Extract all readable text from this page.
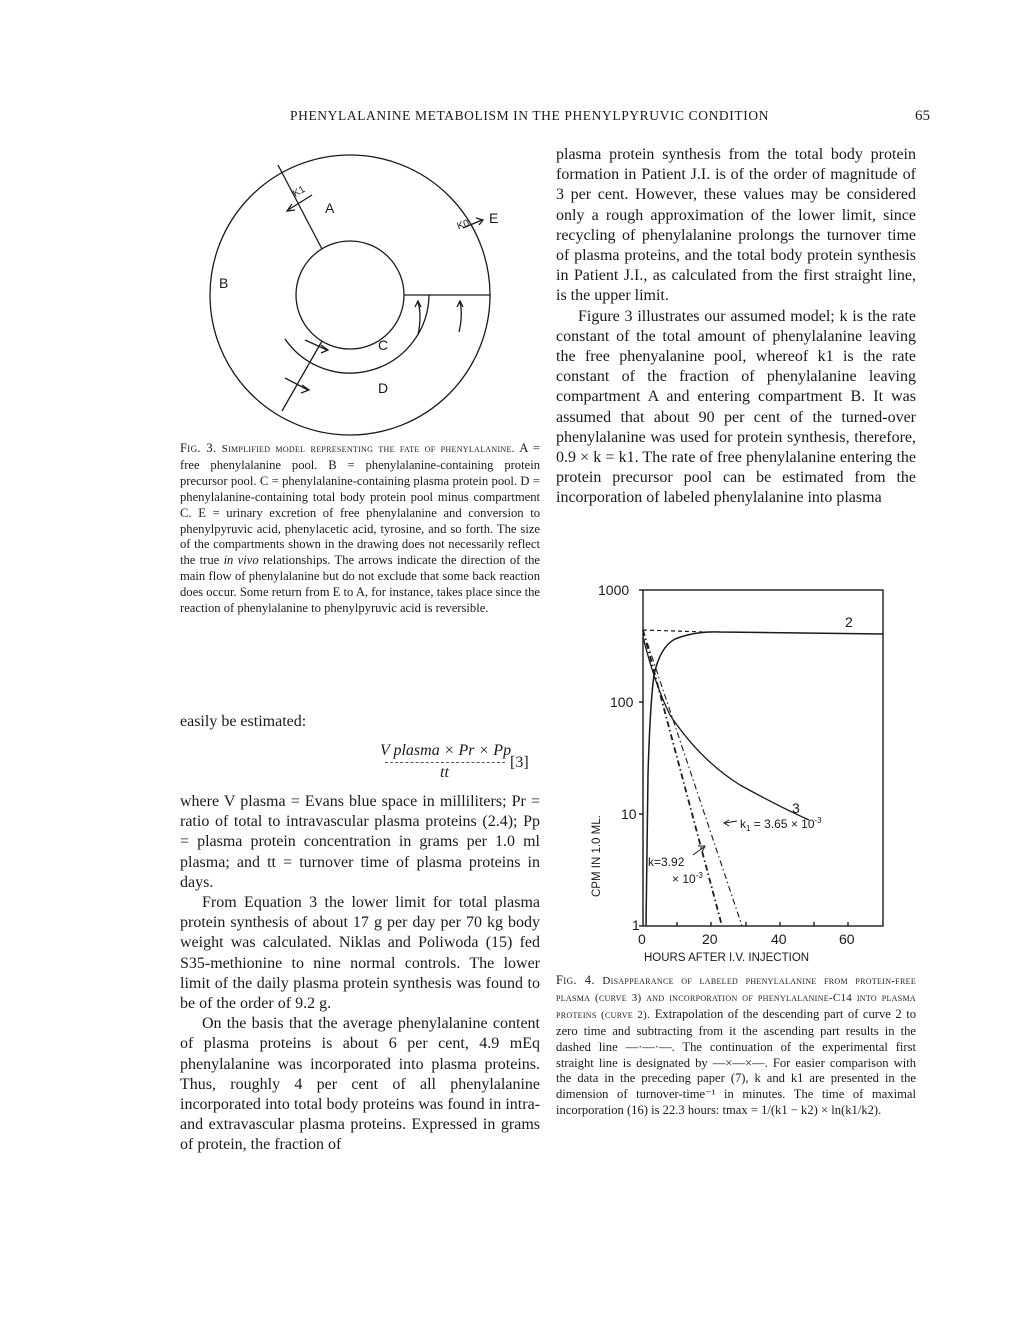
PHENYLALANINE METABOLISM IN THE PHENYLPYRUVIC CONDITION	65
A
B
C
D
E
K1
K0

Fig. 3. Simplified model representing the fate of phenylalanine. A = free phenylalanine pool. B = phenylalanine-containing protein precursor pool. C = phenylalanine-containing plasma protein pool. D = phenylalanine-containing total body protein pool minus compartment C. E = urinary excretion of free phenylalanine and conversion to phenylpyruvic acid, phenylacetic acid, tyrosine, and so forth. The size of the compartments shown in the drawing does not necessarily reflect the true in vivo relationships. The arrows indicate the direction of the main flow of phenylalanine but do not exclude that some back reaction does occur. Some return from E to A, for instance, takes place since the reaction of phenylalanine to phenylpyruvic acid is reversible.

easily be estimated:

V plasma × Pr × Pp
tt
[3]

where V plasma = Evans blue space in milliliters; Pr = ratio of total to intravascular plasma proteins (2.4); Pp = plasma protein concentration in grams per 1.0 ml plasma; and tt = turnover time of plasma proteins in days.

From Equation 3 the lower limit for total plasma protein synthesis of about 17 g per day per 70 kg body weight was calculated. Niklas and Poliwoda (15) fed S35-methionine to nine normal controls. The lower limit of the daily plasma protein synthesis was found to be of the order of 9.2 g.

On the basis that the average phenylalanine content of plasma proteins is about 6 per cent, 4.9 mEq phenylalanine was incorporated into plasma proteins. Thus, roughly 4 per cent of all phenylalanine incorporated into total body proteins was found in intra- and extravascular plasma proteins. Expressed in grams of protein, the fraction of

plasma protein synthesis from the total body protein formation in Patient J.I. is of the order of magnitude of 3 per cent. However, these values may be considered only a rough approximation of the lower limit, since recycling of phenylalanine prolongs the turnover time of plasma proteins, and the total body protein synthesis in Patient J.I., as calculated from the first straight line, is the upper limit.

Figure 3 illustrates our assumed model; k is the rate constant of the total amount of phenylalanine leaving the free phenyalanine pool, whereof k1 is the rate constant of the fraction of phenylalanine leaving compartment A and entering compartment B. It was assumed that about 90 per cent of the turned-over phenylalanine was used for protein synthesis, therefore, 0.9 × k = k1. The rate of free phenylalanine entering the protein precursor pool can be estimated from the incorporation of labeled phenylalanine into plasma

1000
100
10
1
0	20	40	60
HOURS AFTER I.V. INJECTION
CPM IN 1.0 ML.
2
3
$k_1 = 3.65 \times 10^{-3}$
k=3.92
× $10^{-3}$

Fig. 4. Disappearance of labeled phenylalanine from protein-free plasma (curve 3) and incorporation of phenylalanine-C14 into plasma proteins (curve 2). Extrapolation of the descending part of curve 2 to zero time and subtracting from it the ascending part results in the dashed line —·—·—. The continuation of the experimental first straight line is designated by —×—×—. For easier comparison with the data in the preceding paper (7), k and k1 are presented in the dimension of turnover-time⁻¹ in minutes. The time of maximal incorporation (16) is 22.3 hours: tmax = 1/(k1 − k2) × ln(k1/k2).
